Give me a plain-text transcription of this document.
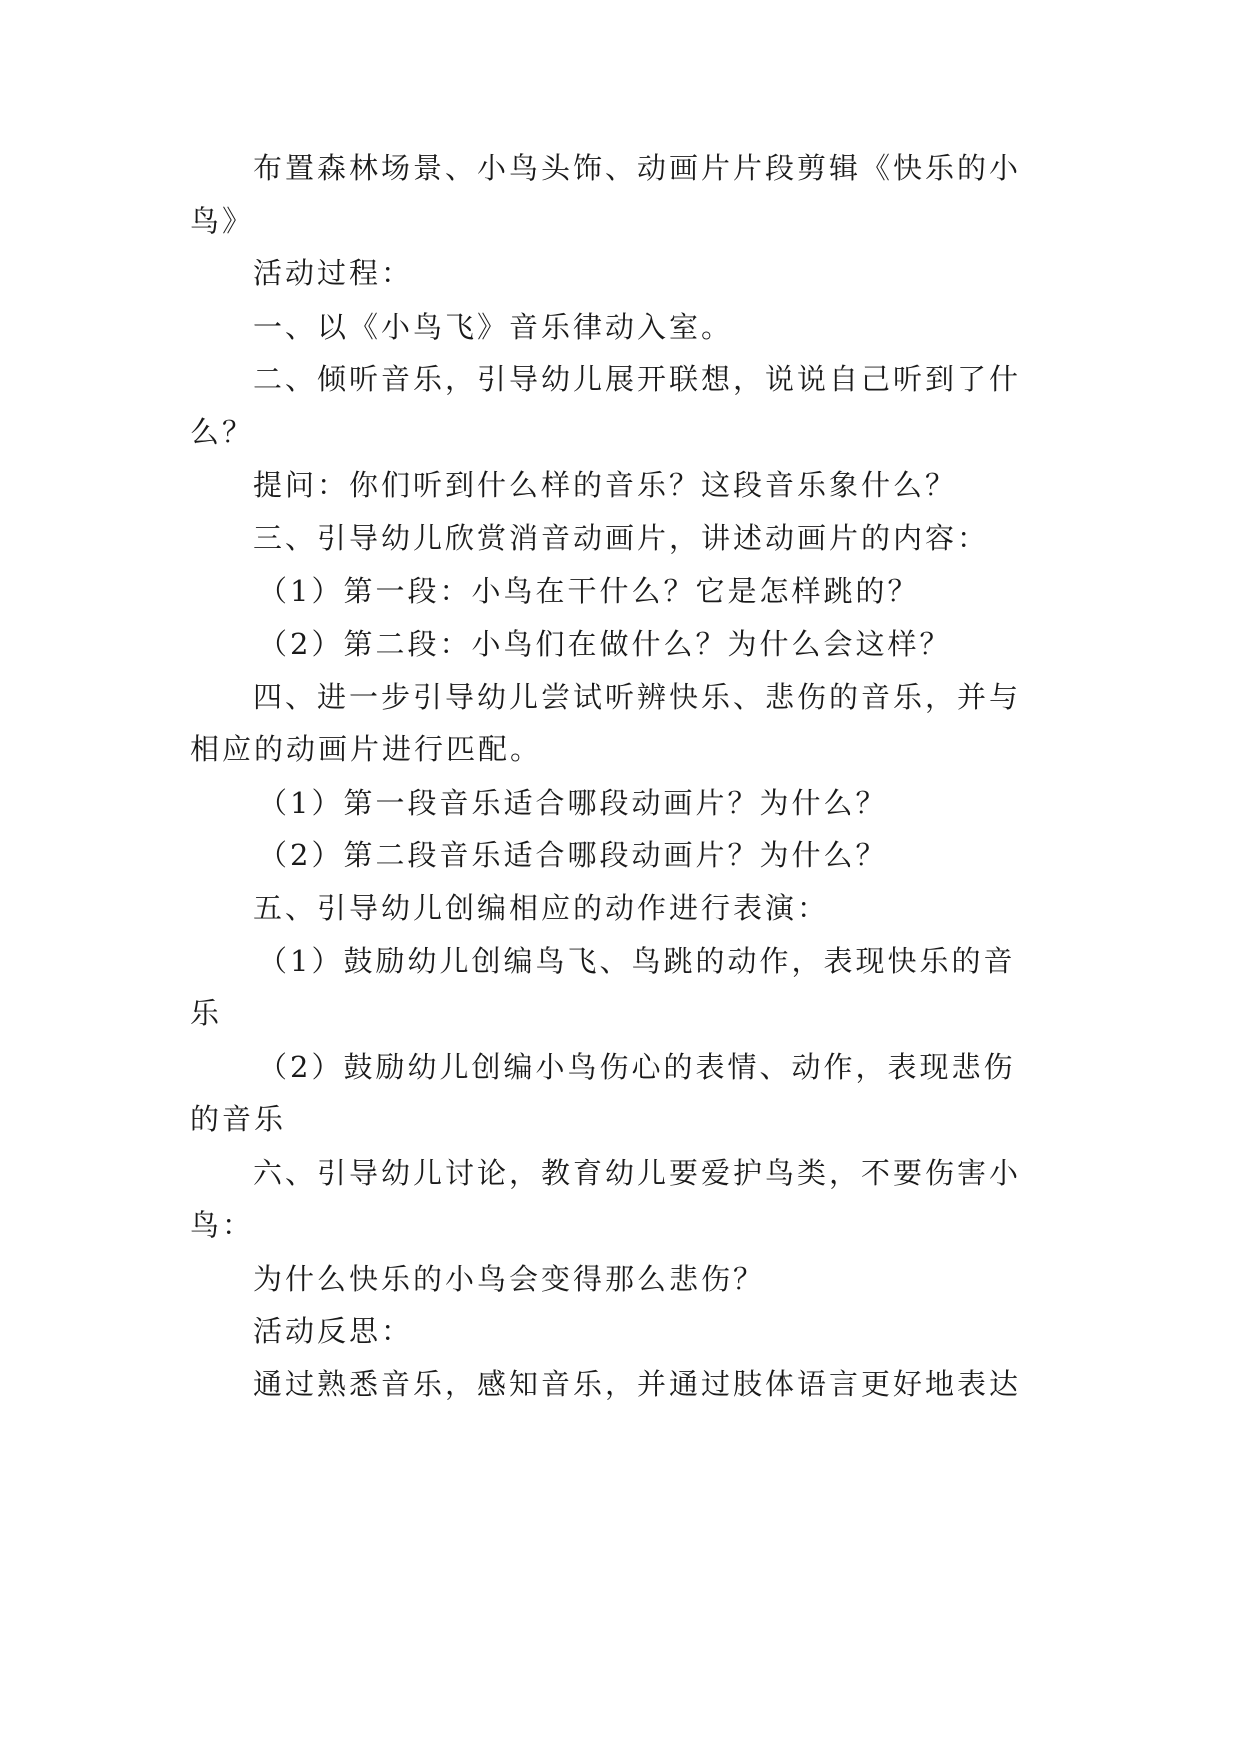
布置森林场景、小鸟头饰、动画片片段剪辑《快乐的小
鸟》
活动过程：
一、以《小鸟飞》音乐律动入室。
二、倾听音乐，引导幼儿展开联想，说说自己听到了什
么？
提问：你们听到什么样的音乐？这段音乐象什么？
三、引导幼儿欣赏消音动画片，讲述动画片的内容：
（1）第一段：小鸟在干什么？它是怎样跳的？
（2）第二段：小鸟们在做什么？为什么会这样？
四、进一步引导幼儿尝试听辨快乐、悲伤的音乐，并与
相应的动画片进行匹配。
（1）第一段音乐适合哪段动画片？为什么？
（2）第二段音乐适合哪段动画片？为什么？
五、引导幼儿创编相应的动作进行表演：
（1）鼓励幼儿创编鸟飞、鸟跳的动作，表现快乐的音
乐
（2）鼓励幼儿创编小鸟伤心的表情、动作，表现悲伤
的音乐
六、引导幼儿讨论，教育幼儿要爱护鸟类，不要伤害小
鸟：
为什么快乐的小鸟会变得那么悲伤？
活动反思：
通过熟悉音乐，感知音乐，并通过肢体语言更好地表达
